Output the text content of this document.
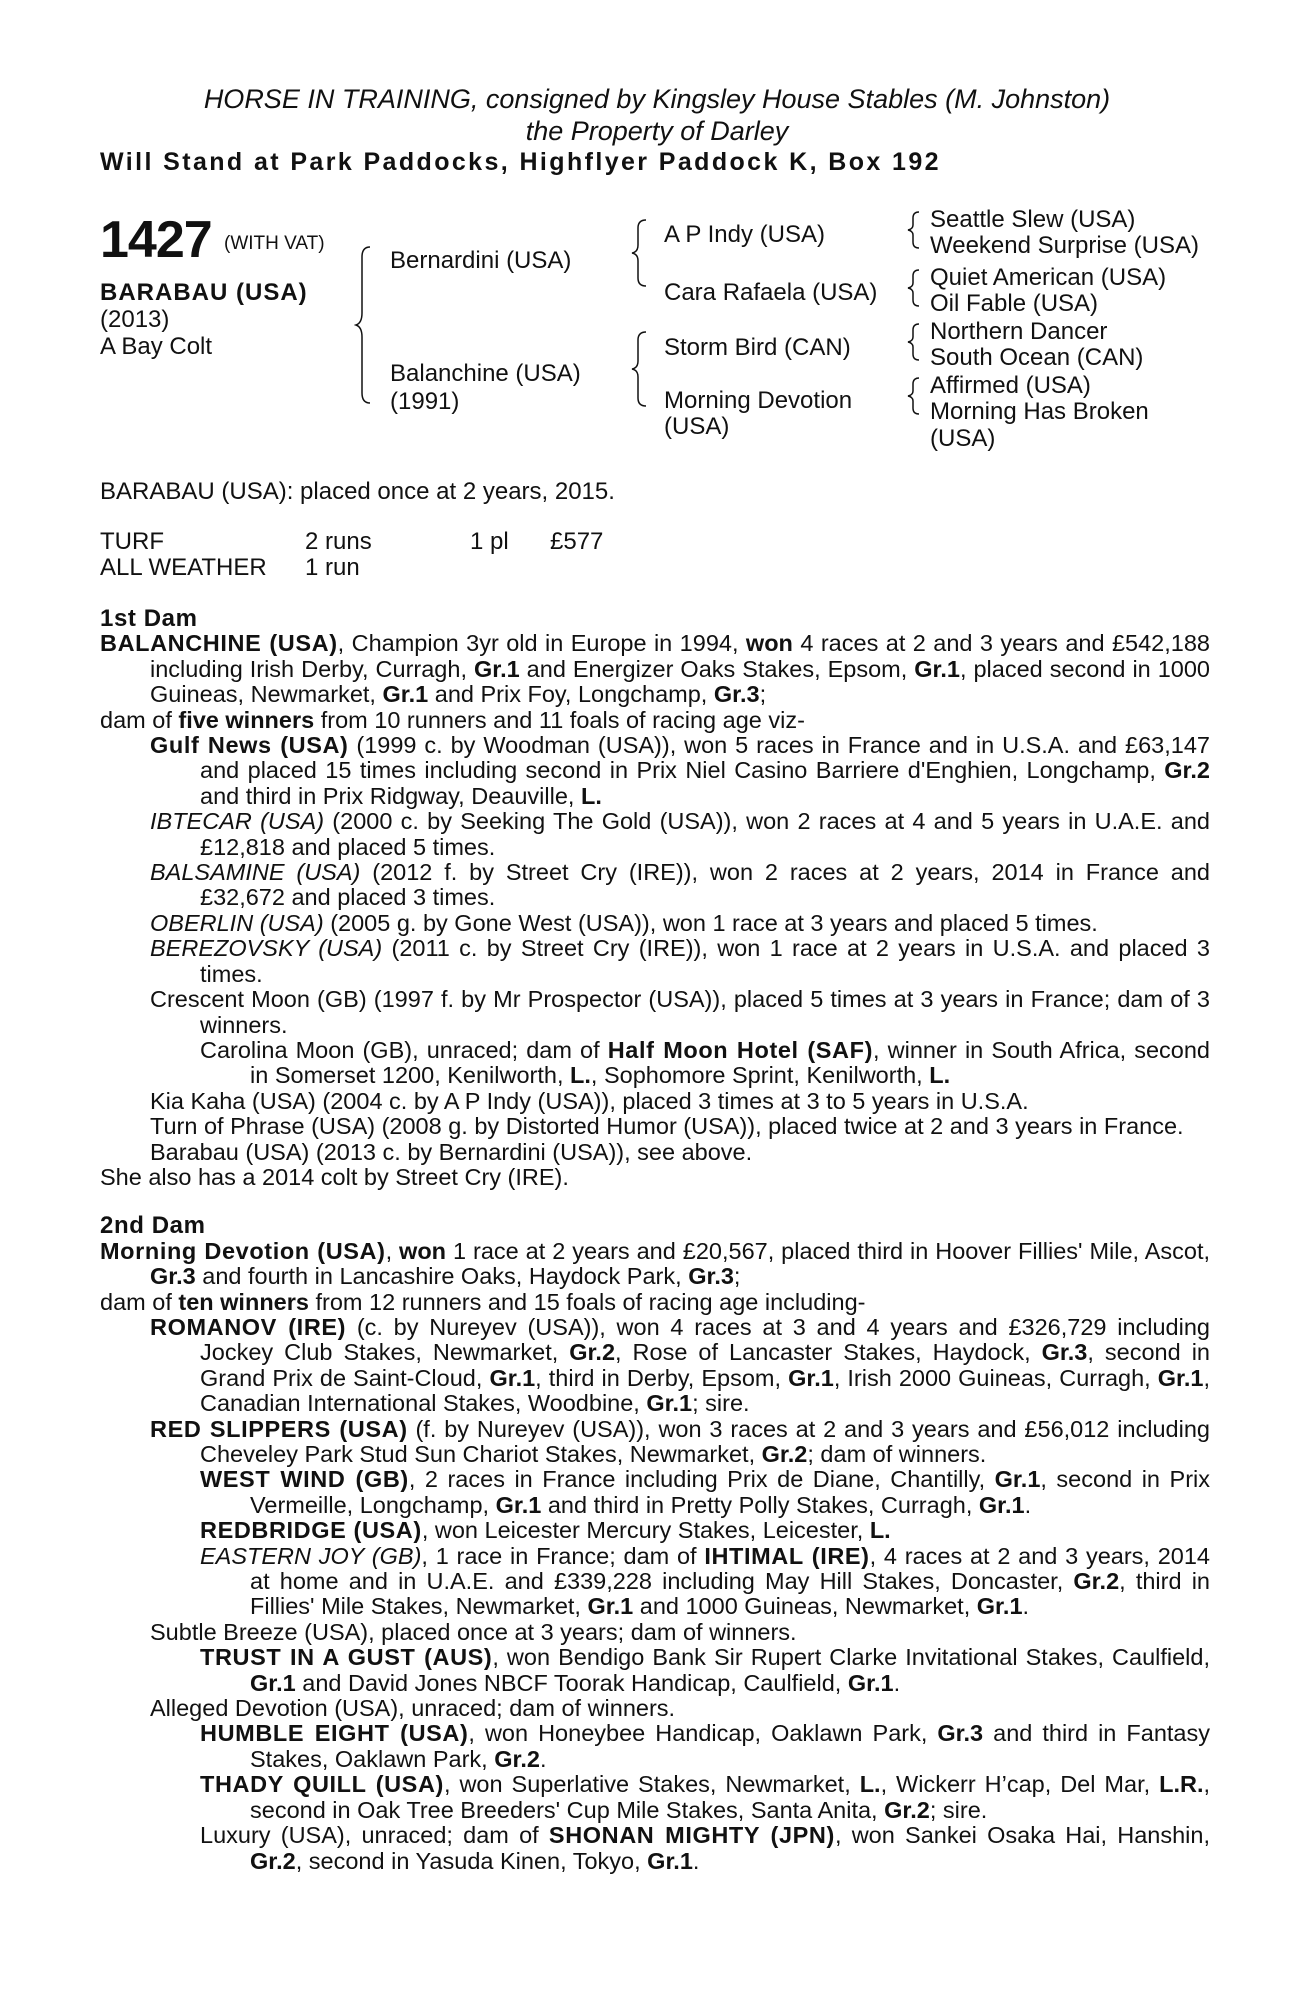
HORSE IN TRAINING, consigned by Kingsley House Stables (M. Johnston)
the Property of Darley
Will Stand at Park Paddocks, Highflyer Paddock K, Box 192
1427 (WITH VAT)
BARABAU (USA)
(2013)
A Bay Colt
Bernardini (USA)
Balanchine (USA)
(1991)
A P Indy (USA)
Cara Rafaela (USA)
Storm Bird (CAN)
Morning Devotion
(USA)
Seattle Slew (USA)
Weekend Surprise (USA)
Quiet American (USA)
Oil Fable (USA)
Northern Dancer
South Ocean (CAN)
Affirmed (USA)
Morning Has Broken
(USA)
BARABAU (USA): placed once at 2 years, 2015.
TURF	2 runs	1 pl £577
ALL WEATHER 1 run

1st Dam

BALANCHINE (USA), Champion 3yr old in Europe in 1994, won 4 races at 2 and 3 years and £542,188 including Irish Derby, Curragh, Gr.1 and Energizer Oaks Stakes, Epsom, Gr.1, placed second in 1000 Guineas, Newmarket, Gr.1 and Prix Foy, Longchamp, Gr.3;

dam of five winners from 10 runners and 11 foals of racing age viz-

Gulf News (USA) (1999 c. by Woodman (USA)), won 5 races in France and in U.S.A. and £63,147 and placed 15 times including second in Prix Niel Casino Barriere d'Enghien, Longchamp, Gr.2 and third in Prix Ridgway, Deauville, L.

IBTECAR (USA) (2000 c. by Seeking The Gold (USA)), won 2 races at 4 and 5 years in U.A.E. and £12,818 and placed 5 times.

BALSAMINE (USA) (2012 f. by Street Cry (IRE)), won 2 races at 2 years, 2014 in France and £32,672 and placed 3 times.

OBERLIN (USA) (2005 g. by Gone West (USA)), won 1 race at 3 years and placed 5 times.

BEREZOVSKY (USA) (2011 c. by Street Cry (IRE)), won 1 race at 2 years in U.S.A. and placed 3 times.

Crescent Moon (GB) (1997 f. by Mr Prospector (USA)), placed 5 times at 3 years in France; dam of 3 winners.

Carolina Moon (GB), unraced; dam of Half Moon Hotel (SAF), winner in South Africa, second in Somerset 1200, Kenilworth, L., Sophomore Sprint, Kenilworth, L.

Kia Kaha (USA) (2004 c. by A P Indy (USA)), placed 3 times at 3 to 5 years in U.S.A.

Turn of Phrase (USA) (2008 g. by Distorted Humor (USA)), placed twice at 2 and 3 years in France.

Barabau (USA) (2013 c. by Bernardini (USA)), see above.

She also has a 2014 colt by Street Cry (IRE).

2nd Dam

Morning Devotion (USA), won 1 race at 2 years and £20,567, placed third in Hoover Fillies' Mile, Ascot, Gr.3 and fourth in Lancashire Oaks, Haydock Park, Gr.3;

dam of ten winners from 12 runners and 15 foals of racing age including-

ROMANOV (IRE) (c. by Nureyev (USA)), won 4 races at 3 and 4 years and £326,729 including Jockey Club Stakes, Newmarket, Gr.2, Rose of Lancaster Stakes, Haydock, Gr.3, second in Grand Prix de Saint-Cloud, Gr.1, third in Derby, Epsom, Gr.1, Irish 2000 Guineas, Curragh, Gr.1, Canadian International Stakes, Woodbine, Gr.1; sire.

RED SLIPPERS (USA) (f. by Nureyev (USA)), won 3 races at 2 and 3 years and £56,012 including Cheveley Park Stud Sun Chariot Stakes, Newmarket, Gr.2; dam of winners.

WEST WIND (GB), 2 races in France including Prix de Diane, Chantilly, Gr.1, second in Prix Vermeille, Longchamp, Gr.1 and third in Pretty Polly Stakes, Curragh, Gr.1.

REDBRIDGE (USA), won Leicester Mercury Stakes, Leicester, L.

EASTERN JOY (GB), 1 race in France; dam of IHTIMAL (IRE), 4 races at 2 and 3 years, 2014 at home and in U.A.E. and £339,228 including May Hill Stakes, Doncaster, Gr.2, third in Fillies' Mile Stakes, Newmarket, Gr.1 and 1000 Guineas, Newmarket, Gr.1.

Subtle Breeze (USA), placed once at 3 years; dam of winners.

TRUST IN A GUST (AUS), won Bendigo Bank Sir Rupert Clarke Invitational Stakes, Caulfield, Gr.1 and David Jones NBCF Toorak Handicap, Caulfield, Gr.1.

Alleged Devotion (USA), unraced; dam of winners.

HUMBLE EIGHT (USA), won Honeybee Handicap, Oaklawn Park, Gr.3 and third in Fantasy Stakes, Oaklawn Park, Gr.2.

THADY QUILL (USA), won Superlative Stakes, Newmarket, L., Wickerr H’cap, Del Mar, L.R., second in Oak Tree Breeders' Cup Mile Stakes, Santa Anita, Gr.2; sire.

Luxury (USA), unraced; dam of SHONAN MIGHTY (JPN), won Sankei Osaka Hai, Hanshin, Gr.2, second in Yasuda Kinen, Tokyo, Gr.1.
